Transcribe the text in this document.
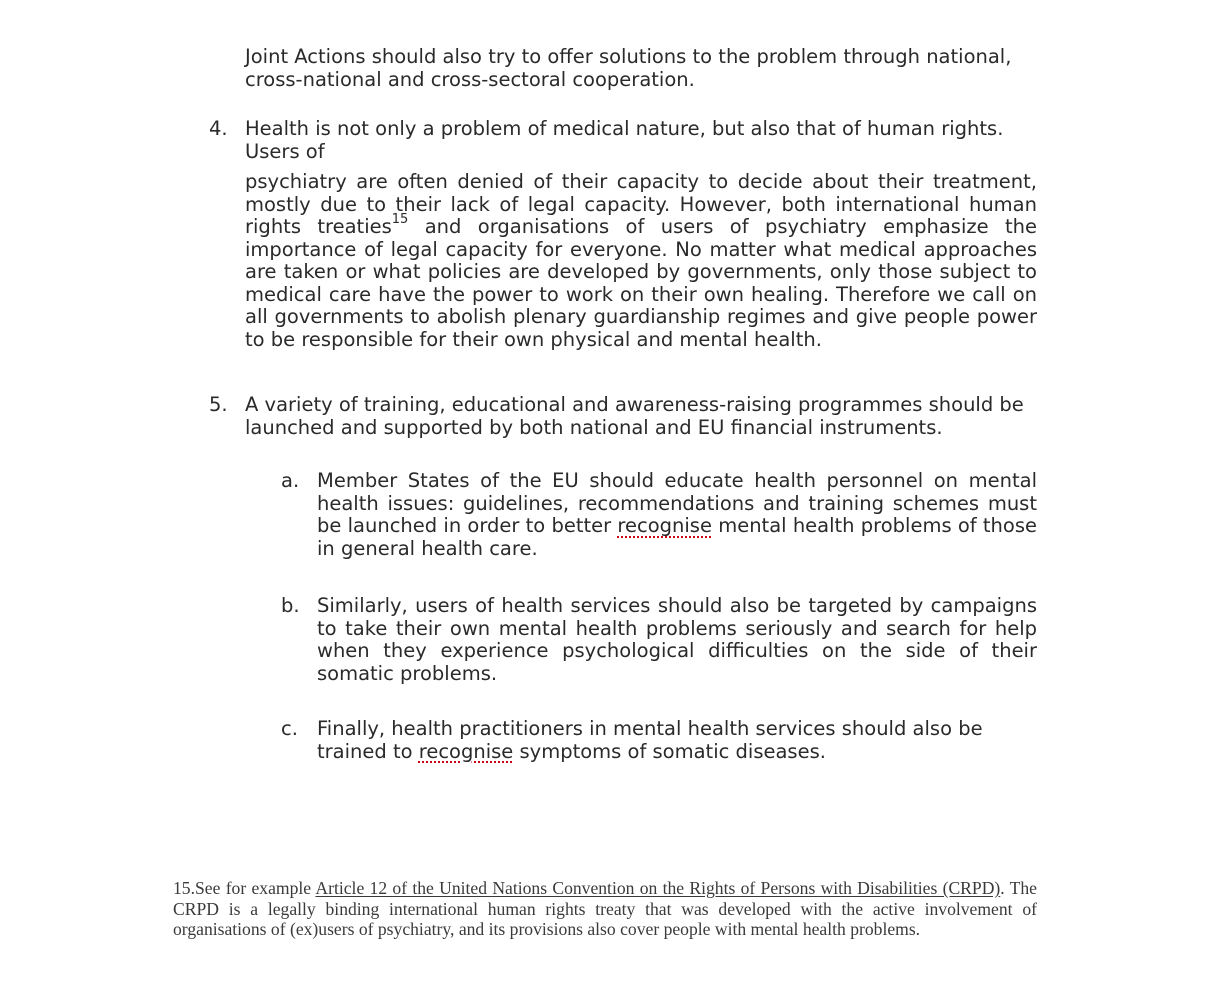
Joint Actions should also try to offer solutions to the problem through national,
cross-national and cross-sectoral cooperation.
4. Health is not only a problem of medical nature, but also that of human rights.
Users of
psychiatry are often denied of their capacity to decide about their treatment, mostly due to their lack of legal capacity. However, both international human rights treaties$^{15}$ and organisations of users of psychiatry emphasize the importance of legal capacity for everyone. No matter what medical approaches are taken or what policies are developed by governments, only those subject to medical care have the power to work on their own healing. Therefore we call on all governments to abolish plenary guardianship regimes and give people power to be responsible for their own physical and mental health.
5. A variety of training, educational and awareness-raising programmes should be launched and supported by both national and EU financial instruments.
a. Member States of the EU should educate health personnel on mental health issues: guidelines, recommendations and training schemes must be launched in order to better recognise mental health problems of those in general health care.
b. Similarly, users of health services should also be targeted by campaigns to take their own mental health problems seriously and search for help when they experience psychological difficulties on the side of their somatic problems.
c. Finally, health practitioners in mental health services should also be
trained to recognise symptoms of somatic diseases.
15.See for example Article 12 of the United Nations Convention on the Rights of Persons with Disabilities (CRPD). The CRPD is a legally binding international human rights treaty that was developed with the active involvement of organisations of (ex)users of psychiatry, and its provisions also cover people with mental health problems.
